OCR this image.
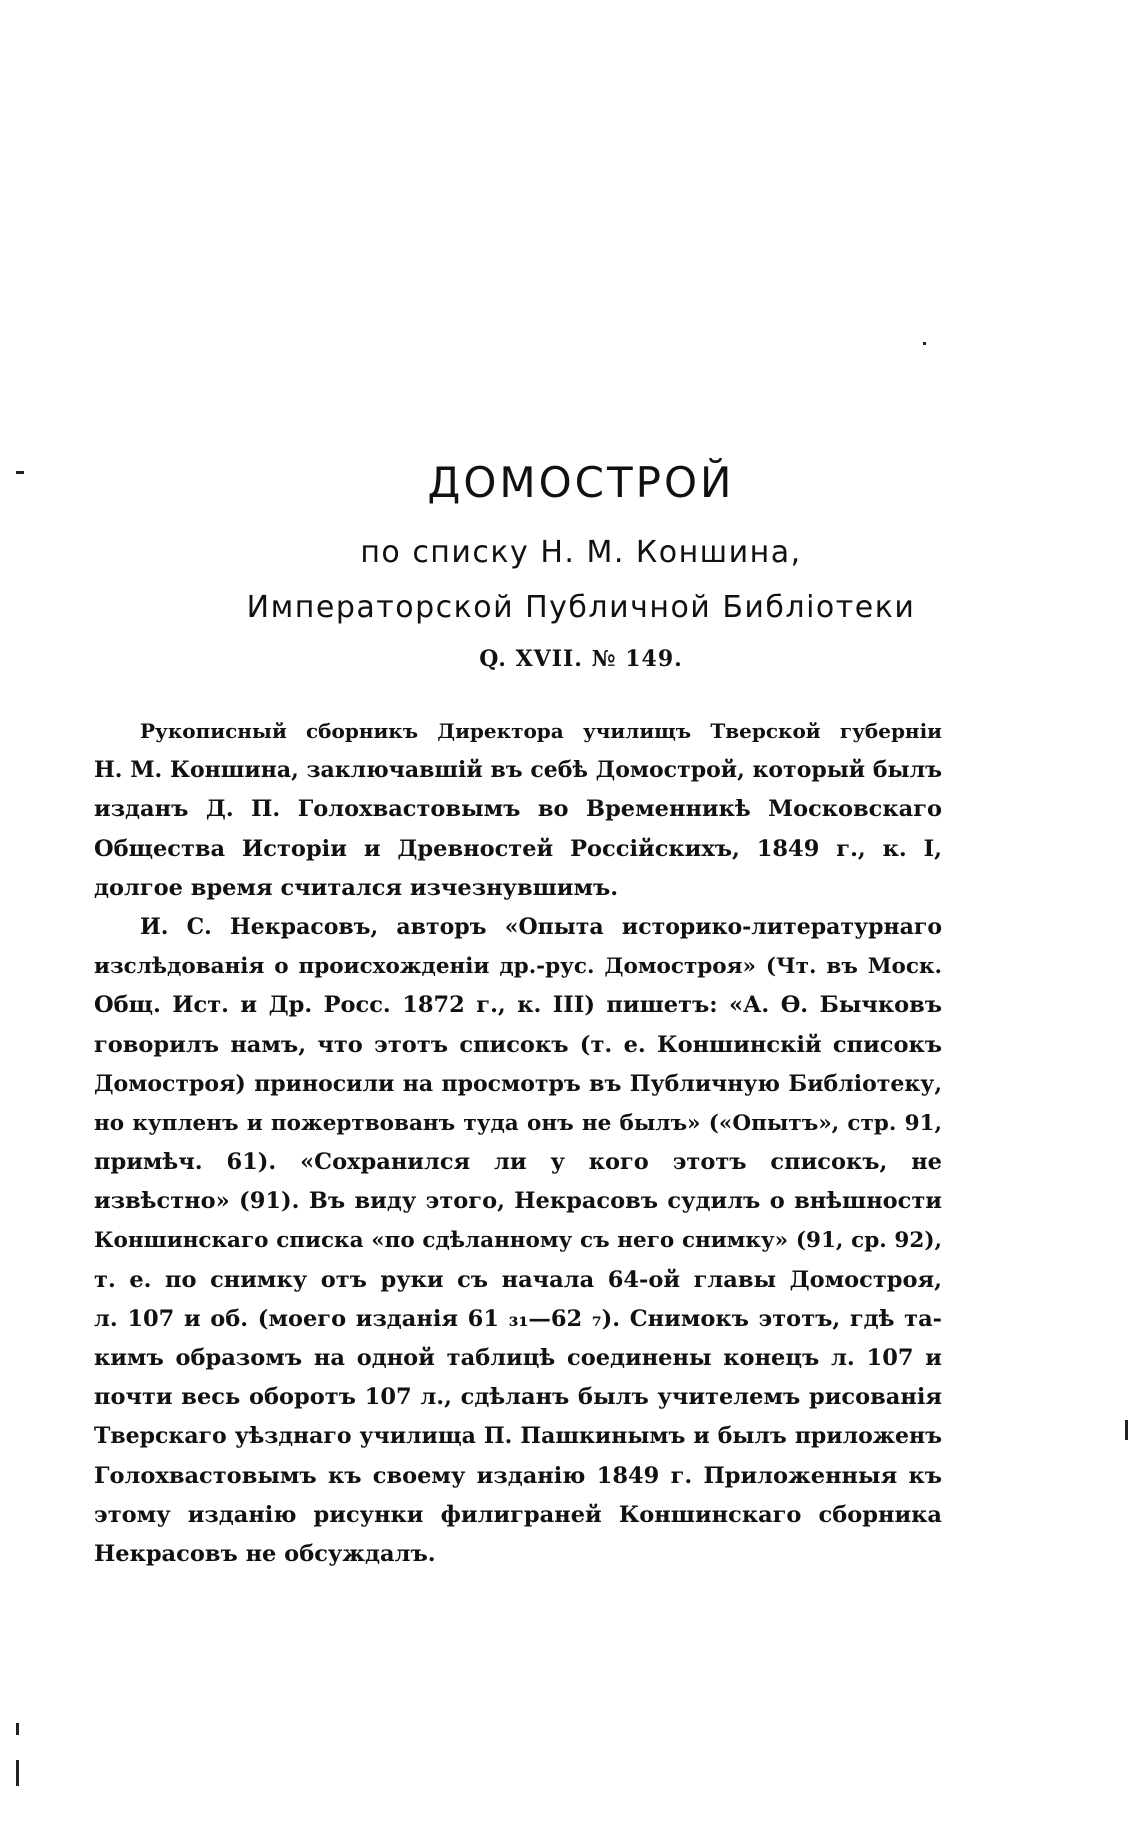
ДОМОСТРОЙ
по списку Н. М. Коншина,
Императорской Публичной Библіотеки
Q. XVII. № 149.
Рукописный сборникъ Директора училищъ Тверской губерніи
Н. М. Коншина, заключавшій въ себѣ Домострой, который былъ
изданъ Д. П. Голохвастовымъ во Временникѣ Московскаго
Общества Исторіи и Древностей Россійскихъ, 1849 г., к. I,
долгое время считался изчезнувшимъ.
И. С. Некрасовъ, авторъ «Опыта историко-литературнаго
изслѣдованія о происхожденіи др.-рус. Домостроя» (Чт. въ Моск.
Общ. Ист. и Др. Росс. 1872 г., к. III) пишетъ: «А. Ѳ. Бычковъ
говорилъ намъ, что этотъ списокъ (т. е. Коншинскій списокъ
Домостроя) приносили на просмотръ въ Публичную Библіотеку,
но купленъ и пожертвованъ туда онъ не былъ» («Опытъ», стр. 91,
примѣч. 61). «Сохранился ли у кого этотъ списокъ, не
извѣстно» (91). Въ виду этого, Некрасовъ судилъ о внѣшности
Коншинскаго списка «по сдѣланному съ него снимку» (91, ср. 92),
т. е. по снимку отъ руки съ начала 64-ой главы Домостроя,
л. 107 и об. (моего изданія 61 ₃₁—62 ₇). Снимокъ этотъ, гдѣ та-
кимъ образомъ на одной таблицѣ соединены конецъ л. 107 и
почти весь оборотъ 107 л., сдѣланъ былъ учителемъ рисованія
Тверскаго уѣзднаго училища П. Пашкинымъ и былъ приложенъ
Голохвастовымъ къ своему изданію 1849 г. Приложенныя къ
этому изданію рисунки филиграней Коншинскаго сборника
Некрасовъ не обсуждалъ.
